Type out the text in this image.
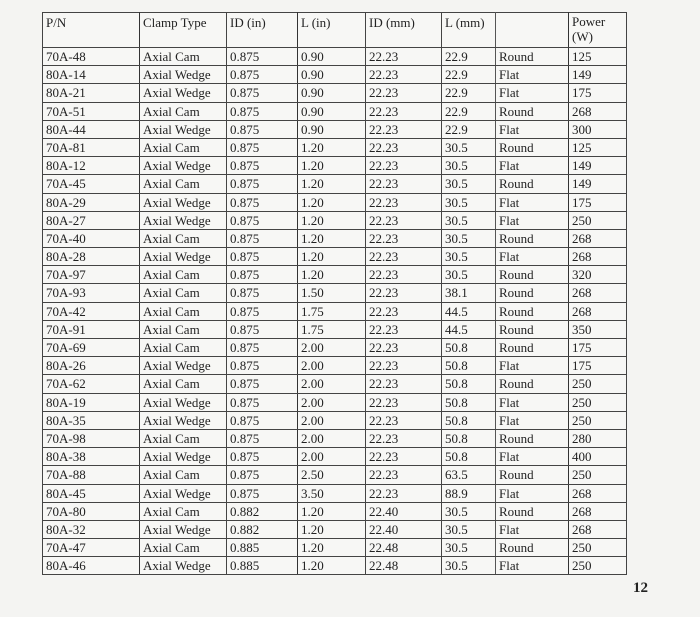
P/N	Clamp Type	ID (in)	L (in)	ID (mm)	L (mm)		Power (W)
70A-48	Axial Cam	0.875	0.90	22.23	22.9	Round	125
80A-14	Axial Wedge	0.875	0.90	22.23	22.9	Flat	149
80A-21	Axial Wedge	0.875	0.90	22.23	22.9	Flat	175
70A-51	Axial Cam	0.875	0.90	22.23	22.9	Round	268
80A-44	Axial Wedge	0.875	0.90	22.23	22.9	Flat	300
70A-81	Axial Cam	0.875	1.20	22.23	30.5	Round	125
80A-12	Axial Wedge	0.875	1.20	22.23	30.5	Flat	149
70A-45	Axial Cam	0.875	1.20	22.23	30.5	Round	149
80A-29	Axial Wedge	0.875	1.20	22.23	30.5	Flat	175
80A-27	Axial Wedge	0.875	1.20	22.23	30.5	Flat	250
70A-40	Axial Cam	0.875	1.20	22.23	30.5	Round	268
80A-28	Axial Wedge	0.875	1.20	22.23	30.5	Flat	268
70A-97	Axial Cam	0.875	1.20	22.23	30.5	Round	320
70A-93	Axial Cam	0.875	1.50	22.23	38.1	Round	268
70A-42	Axial Cam	0.875	1.75	22.23	44.5	Round	268
70A-91	Axial Cam	0.875	1.75	22.23	44.5	Round	350
70A-69	Axial Cam	0.875	2.00	22.23	50.8	Round	175
80A-26	Axial Wedge	0.875	2.00	22.23	50.8	Flat	175
70A-62	Axial Cam	0.875	2.00	22.23	50.8	Round	250
80A-19	Axial Wedge	0.875	2.00	22.23	50.8	Flat	250
80A-35	Axial Wedge	0.875	2.00	22.23	50.8	Flat	250
70A-98	Axial Cam	0.875	2.00	22.23	50.8	Round	280
80A-38	Axial Wedge	0.875	2.00	22.23	50.8	Flat	400
70A-88	Axial Cam	0.875	2.50	22.23	63.5	Round	250
80A-45	Axial Wedge	0.875	3.50	22.23	88.9	Flat	268
70A-80	Axial Cam	0.882	1.20	22.40	30.5	Round	268
80A-32	Axial Wedge	0.882	1.20	22.40	30.5	Flat	268
70A-47	Axial Cam	0.885	1.20	22.48	30.5	Round	250
80A-46	Axial Wedge	0.885	1.20	22.48	30.5	Flat	250
12
